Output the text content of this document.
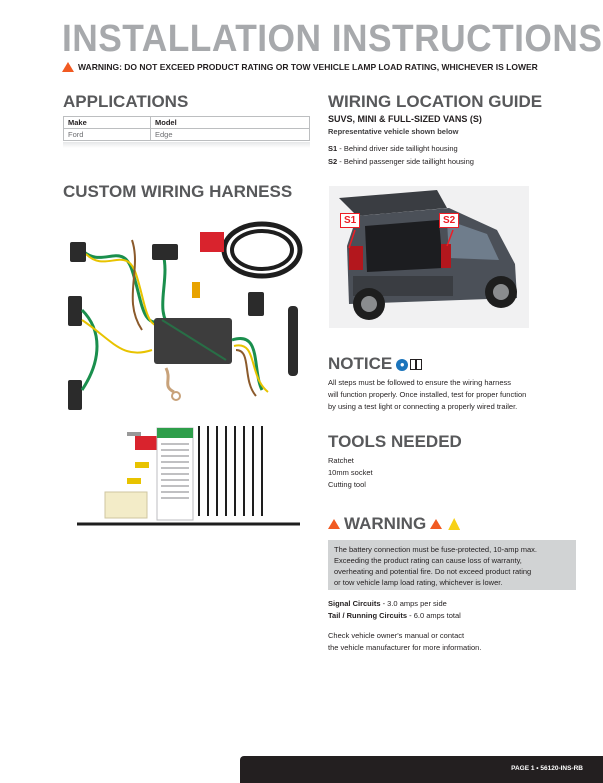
INSTALLATION INSTRUCTIONS
WARNING: DO NOT EXCEED PRODUCT RATING OR TOW VEHICLE LAMP LOAD RATING, WHICHEVER IS LOWER
APPLICATIONS
Make	Model
Ford	Edge
CUSTOM WIRING HARNESS
WIRING LOCATION GUIDE
SUVS, MINI & FULL-SIZED VANS (S)
Representative vehicle shown below
S1 - Behind driver side taillight housing
S2 - Behind passenger side taillight housing
S1	S2
NOTICE ●
All steps must be followed to ensure the wiring harness
will function properly. Once installed, test for proper function
by using a test light or connecting a properly wired trailer.
TOOLS NEEDED
Ratchet
10mm socket
Cutting tool
WARNING
The battery connection must be fuse-protected, 10-amp max.
Exceeding the product rating can cause loss of warranty,
overheating and potential fire. Do not exceed product rating
or tow vehicle lamp load rating, whichever is lower.
Signal Circuits - 3.0 amps per side
Tail / Running Circuits - 6.0 amps total
Check vehicle owner's manual or contact
the vehicle manufacturer for more information.
PAGE 1 • 56120-INS-RB
